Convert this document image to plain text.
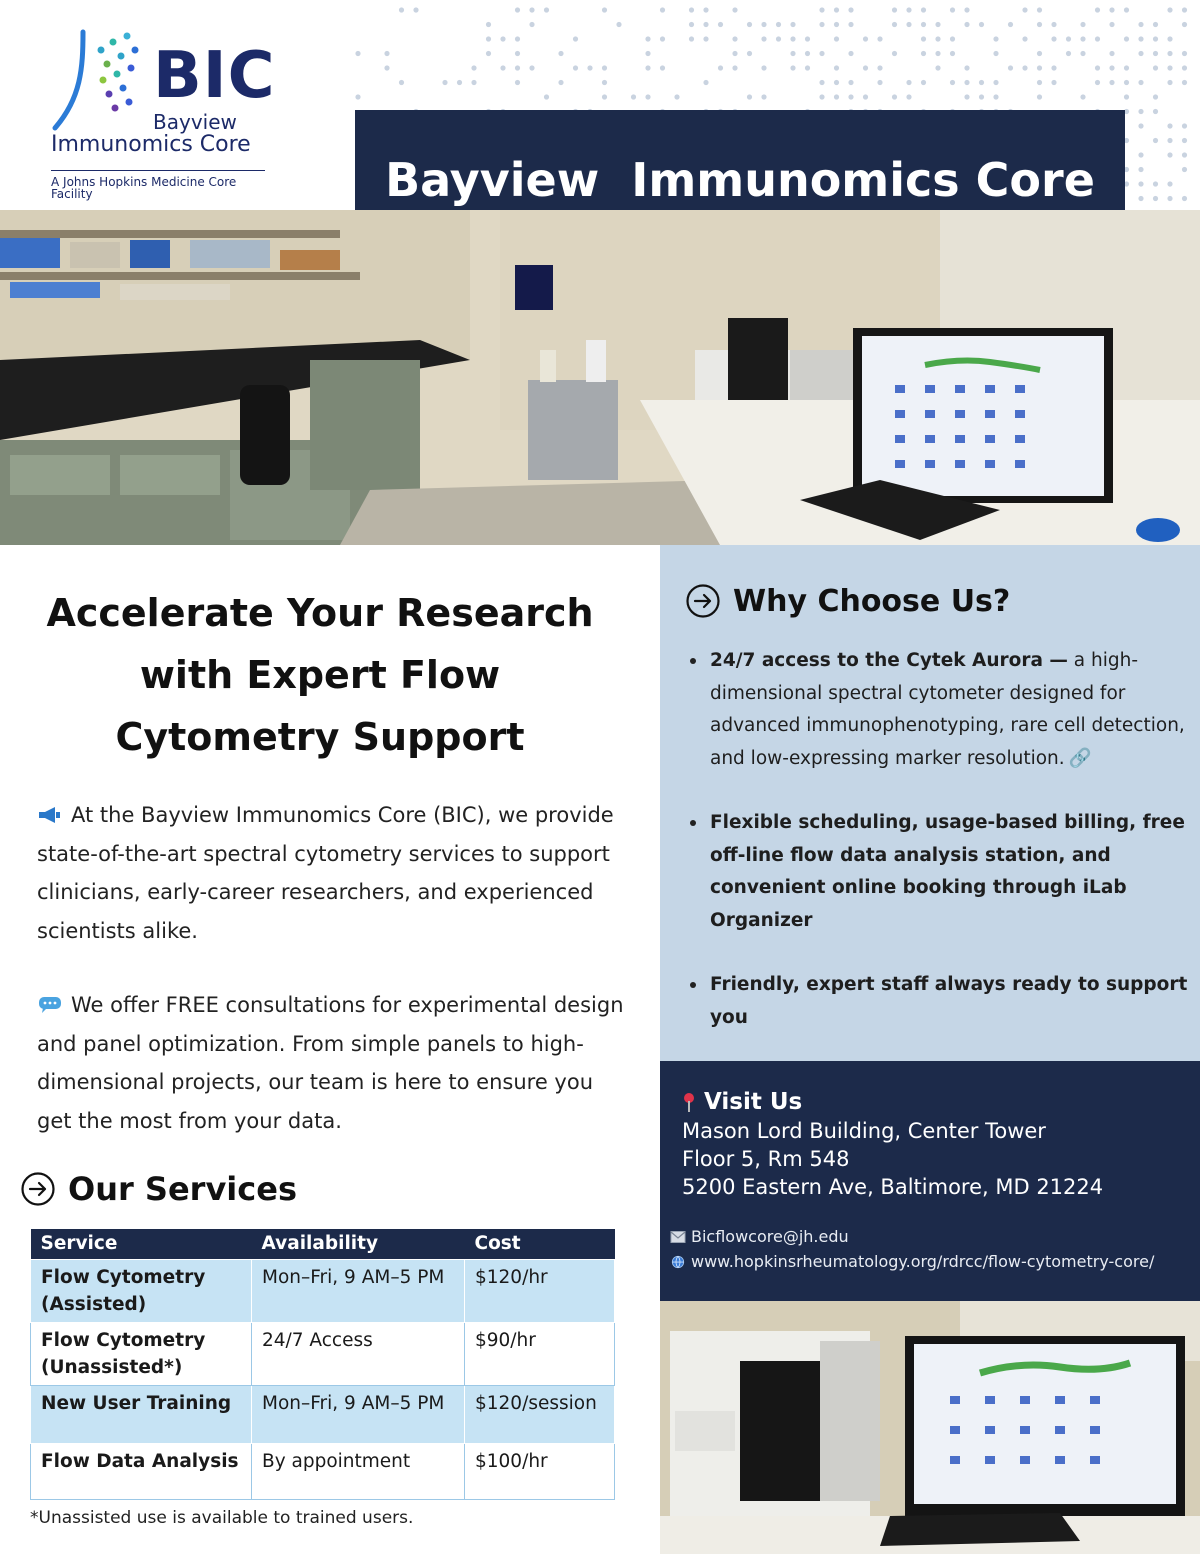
BIC
Bayview
Immunomics Core
A Johns Hopkins Medicine Core Facility	Bayview  Immunomics Core
Accelerate Your Research
with Expert Flow
Cytometry Support
At the Bayview Immunomics Core (BIC), we provide state-of-the-art spectral cytometry services to support clinicians, early-career researchers, and experienced scientists alike.
We offer FREE consultations for experimental design and panel optimization. From simple panels to high-dimensional projects, our team is here to ensure you get the most from your data.
Our Services
Service	Availability	Cost
Flow Cytometry (Assisted)	Mon–Fri, 9 AM–5 PM	$120/hr
Flow Cytometry (Unassisted*)	24/7 Access	$90/hr
New User Training	Mon–Fri, 9 AM–5 PM	$120/session
Flow Data Analysis	By appointment	$100/hr
*Unassisted use is available to trained users.
Why Choose Us?
24/7 access to the Cytek Aurora — a high-dimensional spectral cytometer designed for advanced immunophenotyping, rare cell detection, and low-expressing marker resolution. 🔗
Flexible scheduling, usage-based billing, free off-line flow data analysis station, and convenient online booking through iLab Organizer
Friendly, expert staff always ready to support you
Visit Us
Mason Lord Building, Center Tower
Floor 5, Rm 548
5200 Eastern Ave, Baltimore, MD 21224
Bicflowcore@jh.edu
www.hopkinsrheumatology.org/rdrcc/flow-cytometry-core/
